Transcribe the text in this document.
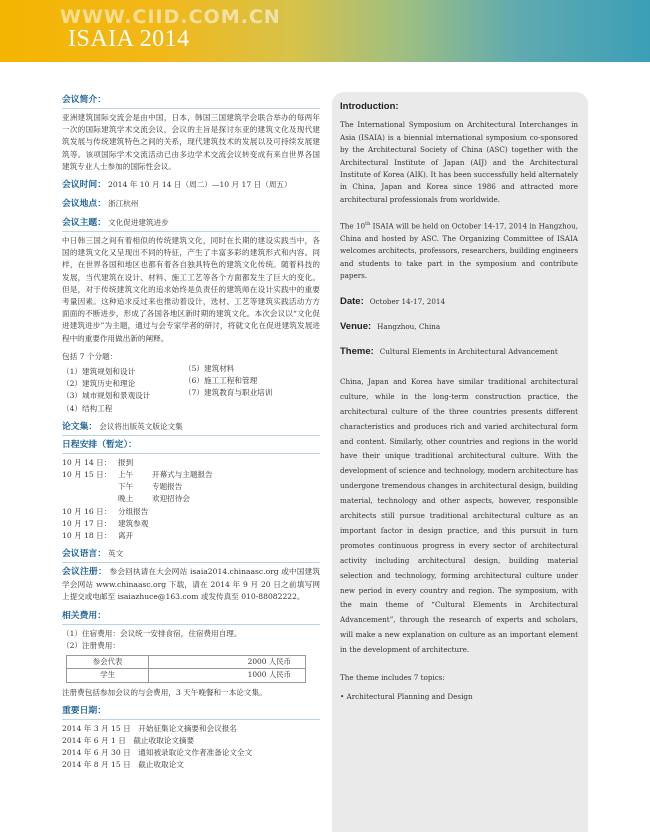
WWW.CIID.COM.CN
ISAIA 2014
会议简介：
亚洲建筑国际交流会是由中国，日本，韩国三国建筑学会联合举办的每两年一次的国际建筑学术交流会议，会议的主旨是探讨东亚的建筑文化及现代建筑发展与传统建筑特色之间的关系，现代建筑技术的发展以及可持续发展建筑等。该项国际学术交流活动已由多边学术交流会议转变成有来自世界各国建筑专业人士参加的国际性会议。
会议时间： 2014 年 10 月 14 日（周二）—10 月 17 日（周五）
会议地点： 浙江杭州
会议主题： 文化促进建筑进步
中日韩三国之间有着相似的传统建筑文化，同时在长期的建设实践当中，各国的建筑文化又呈现出不同的特征，产生了丰富多彩的建筑形式和内容。同样，在世界各国和地区也都有着各自独具特色的建筑文化传统。随着科技的发展，当代建筑在设计、材料、施工工艺等各个方面都发生了巨大的变化。但是，对于传统建筑文化的追求始终是负责任的建筑师在设计实践中的重要考量因素。这种追求反过来也推动着设计，选材、工艺等建筑实践活动方方面面的不断进步，形成了各国各地区新时期的建筑文化。本次会议以“文化促进建筑进步”为主题，通过与会专家学者的研讨，将就文化在促进建筑发展进程中的重要作用做出新的阐释。
包括 7 个分题：
（1）建筑规划和设计
（2）建筑历史和理论
（3）城市规划和景观设计
（4）结构工程
（5）建筑材料
（6）施工工程和管理
（7）建筑教育与职业培训
论文集： 会议将出版英文版论文集
日程安排（暂定）：
10 月 14 日： 报到
10 月 15 日： 上午	开幕式与主题报告
下午	专题报告
晚上	欢迎招待会
10 月 16 日： 分组报告
10 月 17 日： 建筑参观
10 月 18 日： 离开
会议语言： 英文
会议注册： 参会回执请在大会网站 isaia2014.chinaasc.org 或中国建筑学会网站 www.chinaasc.org 下载，请在 2014 年 9 月 20 日之前填写网上提交或电邮至 isaiazhuce@163.com 或发传真至 010-88082222。
相关费用：
（1）住宿费用：会议统一安排食宿，住宿费用自理。
（2）注册费用：
参会代表	2000 人民币
学生	1000 人民币
注册费包括参加会议的与会费用，3 天午晚餐和一本论文集。
重要日期：
2014 年 3 月 15 日　开始征集论文摘要和会议报名
2014 年 6 月 1 日　截止收取论文摘要
2014 年 6 月 30 日　通知被录取论文作者准备论文全文
2014 年 8 月 15 日　截止收取论文
Introduction:
The International Symposium on Architectural Interchanges in Asia (ISAIA) is a biennial international symposium co-sponsored by the Architectural Society of China (ASC) together with the Architectural Institute of Japan (AIJ) and the Architectural Institute of Korea (AIK). It has been successfully held alternately in China, Japan and Korea since 1986 and attracted more architectural professionals from worldwide.
The 10th ISAIA will be held on October 14-17, 2014 in Hangzhou, China and hosted by ASC. The Organizing Committee of ISAIA welcomes architects, professors, researchers, building engineers and students to take part in the symposium and contribute papers.
Date: October 14-17, 2014
Venue: Hangzhou, China
Theme: Cultural Elements in Architectural Advancement
China, Japan and Korea have similar traditional architectural culture, while in the long-term construction practice, the architectural culture of the three countries presents different characteristics and produces rich and varied architectural form and content. Similarly, other countries and regions in the world have their unique traditional architectural culture. With the development of science and technology, modern architecture has undergone tremendous changes in architectural design, building material, technology and other aspects, however, responsible architects still pursue traditional architectural culture as an important factor in design practice, and this pursuit in turn promotes continuous progress in every sector of architectural activity including architectural design, building material selection and technology, forming architectural culture under new period in every country and region. The symposium, with the main theme of “Cultural Elements in Architectural Advancement”, through the research of experts and scholars, will make a new explanation on culture as an important element in the development of architecture.
The theme includes 7 topics:
• Architectural Planning and Design
